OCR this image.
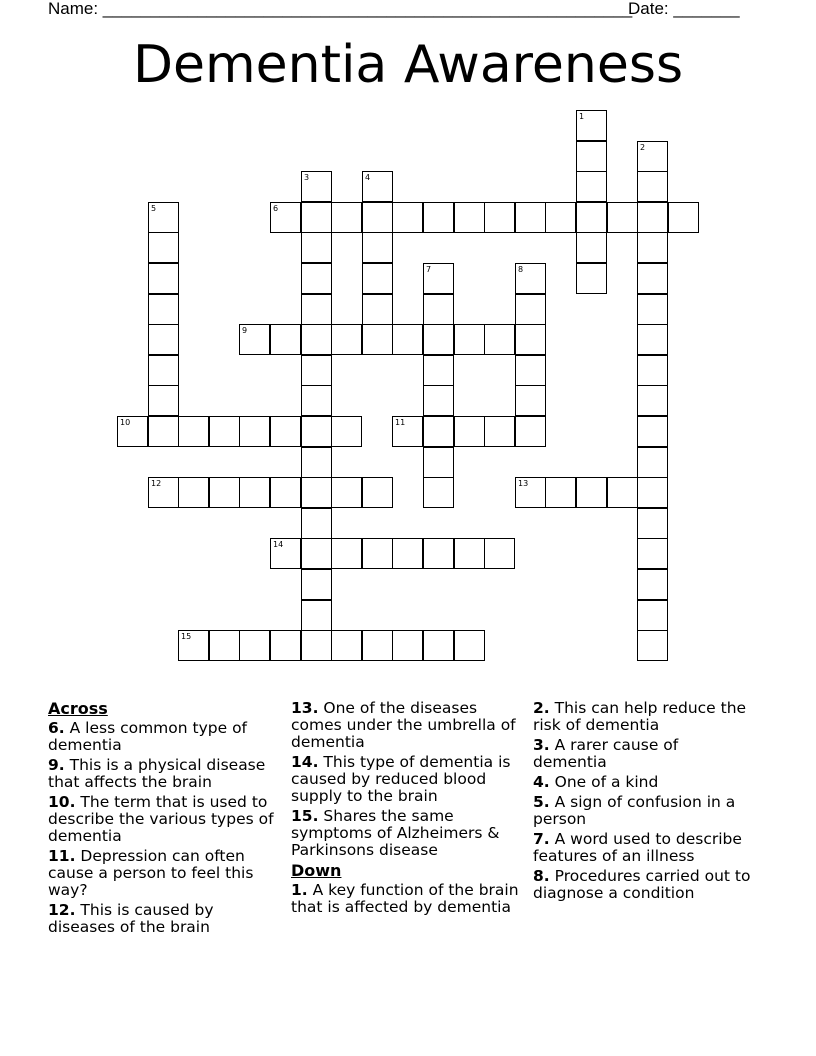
Name: ________________________________________________________
Date: _______
Dementia Awareness
1
2
3	4
5	6
7	8
9
10	11
12	13
14
15
Across
6. A less common type of dementia
9. This is a physical disease that affects the brain
10. The term that is used to describe the various types of dementia
11. Depression can often cause a person to feel this way?
12. This is caused by diseases of the brain
13. One of the diseases comes under the umbrella of dementia
14. This type of dementia is caused by reduced blood supply to the brain
15. Shares the same symptoms of Alzheimers & Parkinsons disease
Down
1. A key function of the brain that is affected by dementia
2. This can help reduce the risk of dementia
3. A rarer cause of dementia
4. One of a kind
5. A sign of confusion in a person
7. A word used to describe features of an illness
8. Procedures carried out to diagnose a condition
